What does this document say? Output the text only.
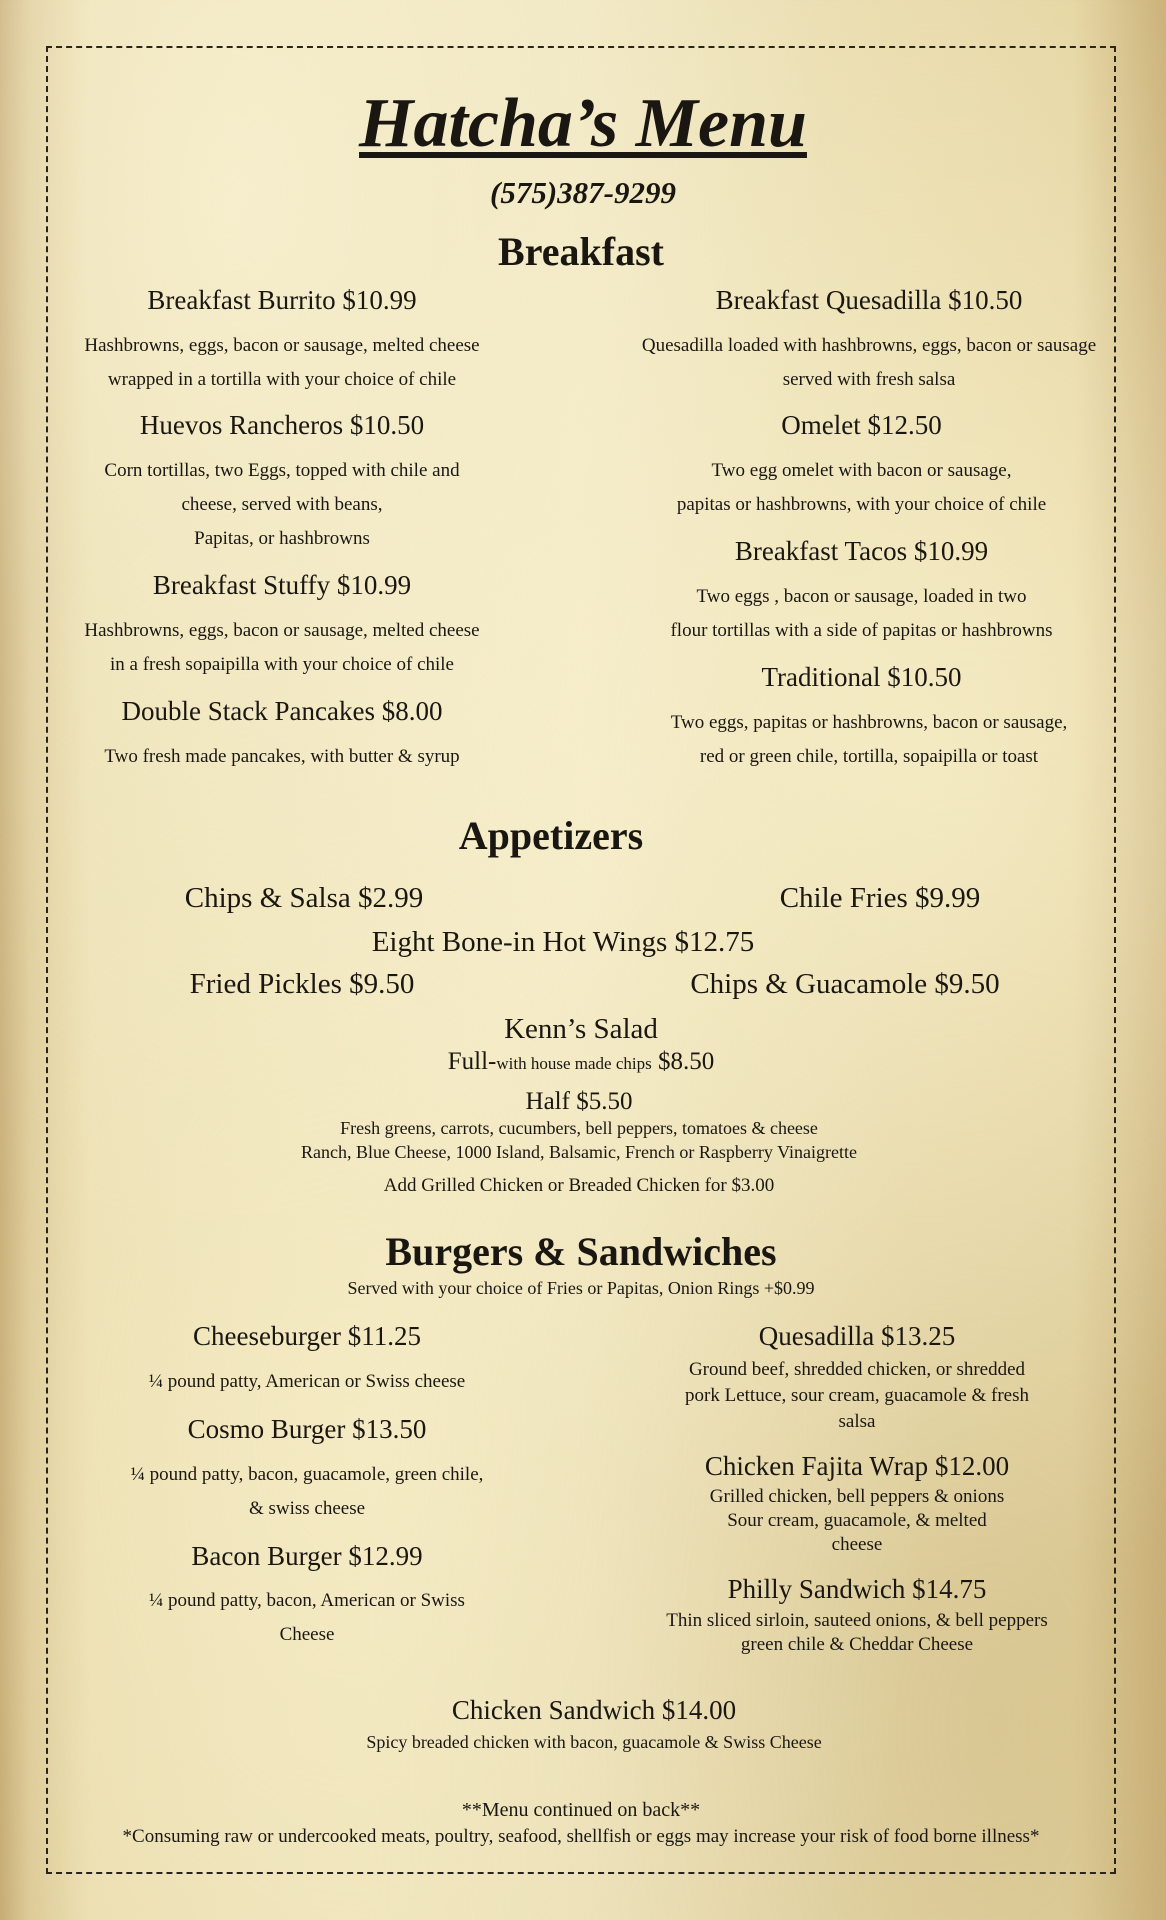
Hatcha’s Menu
(575)387-9299
Breakfast
Breakfast Burrito $10.99
Hashbrowns, eggs, bacon or sausage, melted cheese
wrapped in a tortilla with your choice of chile
Huevos Rancheros $10.50
Corn tortillas, two Eggs, topped with chile and
cheese, served with beans,
Papitas, or hashbrowns
Breakfast Stuffy $10.99
Hashbrowns, eggs, bacon or sausage, melted cheese
in a fresh sopaipilla with your choice of chile
Double Stack Pancakes $8.00
Two fresh made pancakes, with butter & syrup
Breakfast Quesadilla $10.50
Quesadilla loaded with hashbrowns, eggs, bacon or sausage
served with fresh salsa
Omelet $12.50
Two egg omelet with bacon or sausage,
papitas or hashbrowns, with your choice of chile
Breakfast Tacos $10.99
Two eggs , bacon or sausage, loaded in two
flour tortillas with a side of papitas or hashbrowns
Traditional $10.50
Two eggs, papitas or hashbrowns, bacon or sausage,
red or green chile, tortilla, sopaipilla or toast
Appetizers
Chips & Salsa $2.99	Chile Fries $9.99
Eight Bone-in Hot Wings $12.75
Fried Pickles $9.50	Chips & Guacamole $9.50
Kenn’s Salad
Full-with house made chips $8.50
Half $5.50
Fresh greens, carrots, cucumbers, bell peppers, tomatoes & cheese
Ranch, Blue Cheese, 1000 Island, Balsamic, French or Raspberry Vinaigrette
Add Grilled Chicken or Breaded Chicken for $3.00
Burgers & Sandwiches
Served with your choice of Fries or Papitas, Onion Rings +$0.99
Cheeseburger $11.25
¼ pound patty, American or Swiss cheese
Cosmo Burger $13.50
¼ pound patty, bacon, guacamole, green chile,
& swiss cheese
Bacon Burger $12.99
¼ pound patty, bacon, American or Swiss
Cheese
Quesadilla $13.25
Ground beef, shredded chicken, or shredded
pork Lettuce, sour cream, guacamole & fresh
salsa
Chicken Fajita Wrap $12.00
Grilled chicken, bell peppers & onions
Sour cream, guacamole, & melted
cheese
Philly Sandwich $14.75
Thin sliced sirloin, sauteed onions, & bell peppers
green chile & Cheddar Cheese
Chicken Sandwich $14.00
Spicy breaded chicken with bacon, guacamole & Swiss Cheese
**Menu continued on back**
*Consuming raw or undercooked meats, poultry, seafood, shellfish or eggs may increase your risk of food borne illness*
